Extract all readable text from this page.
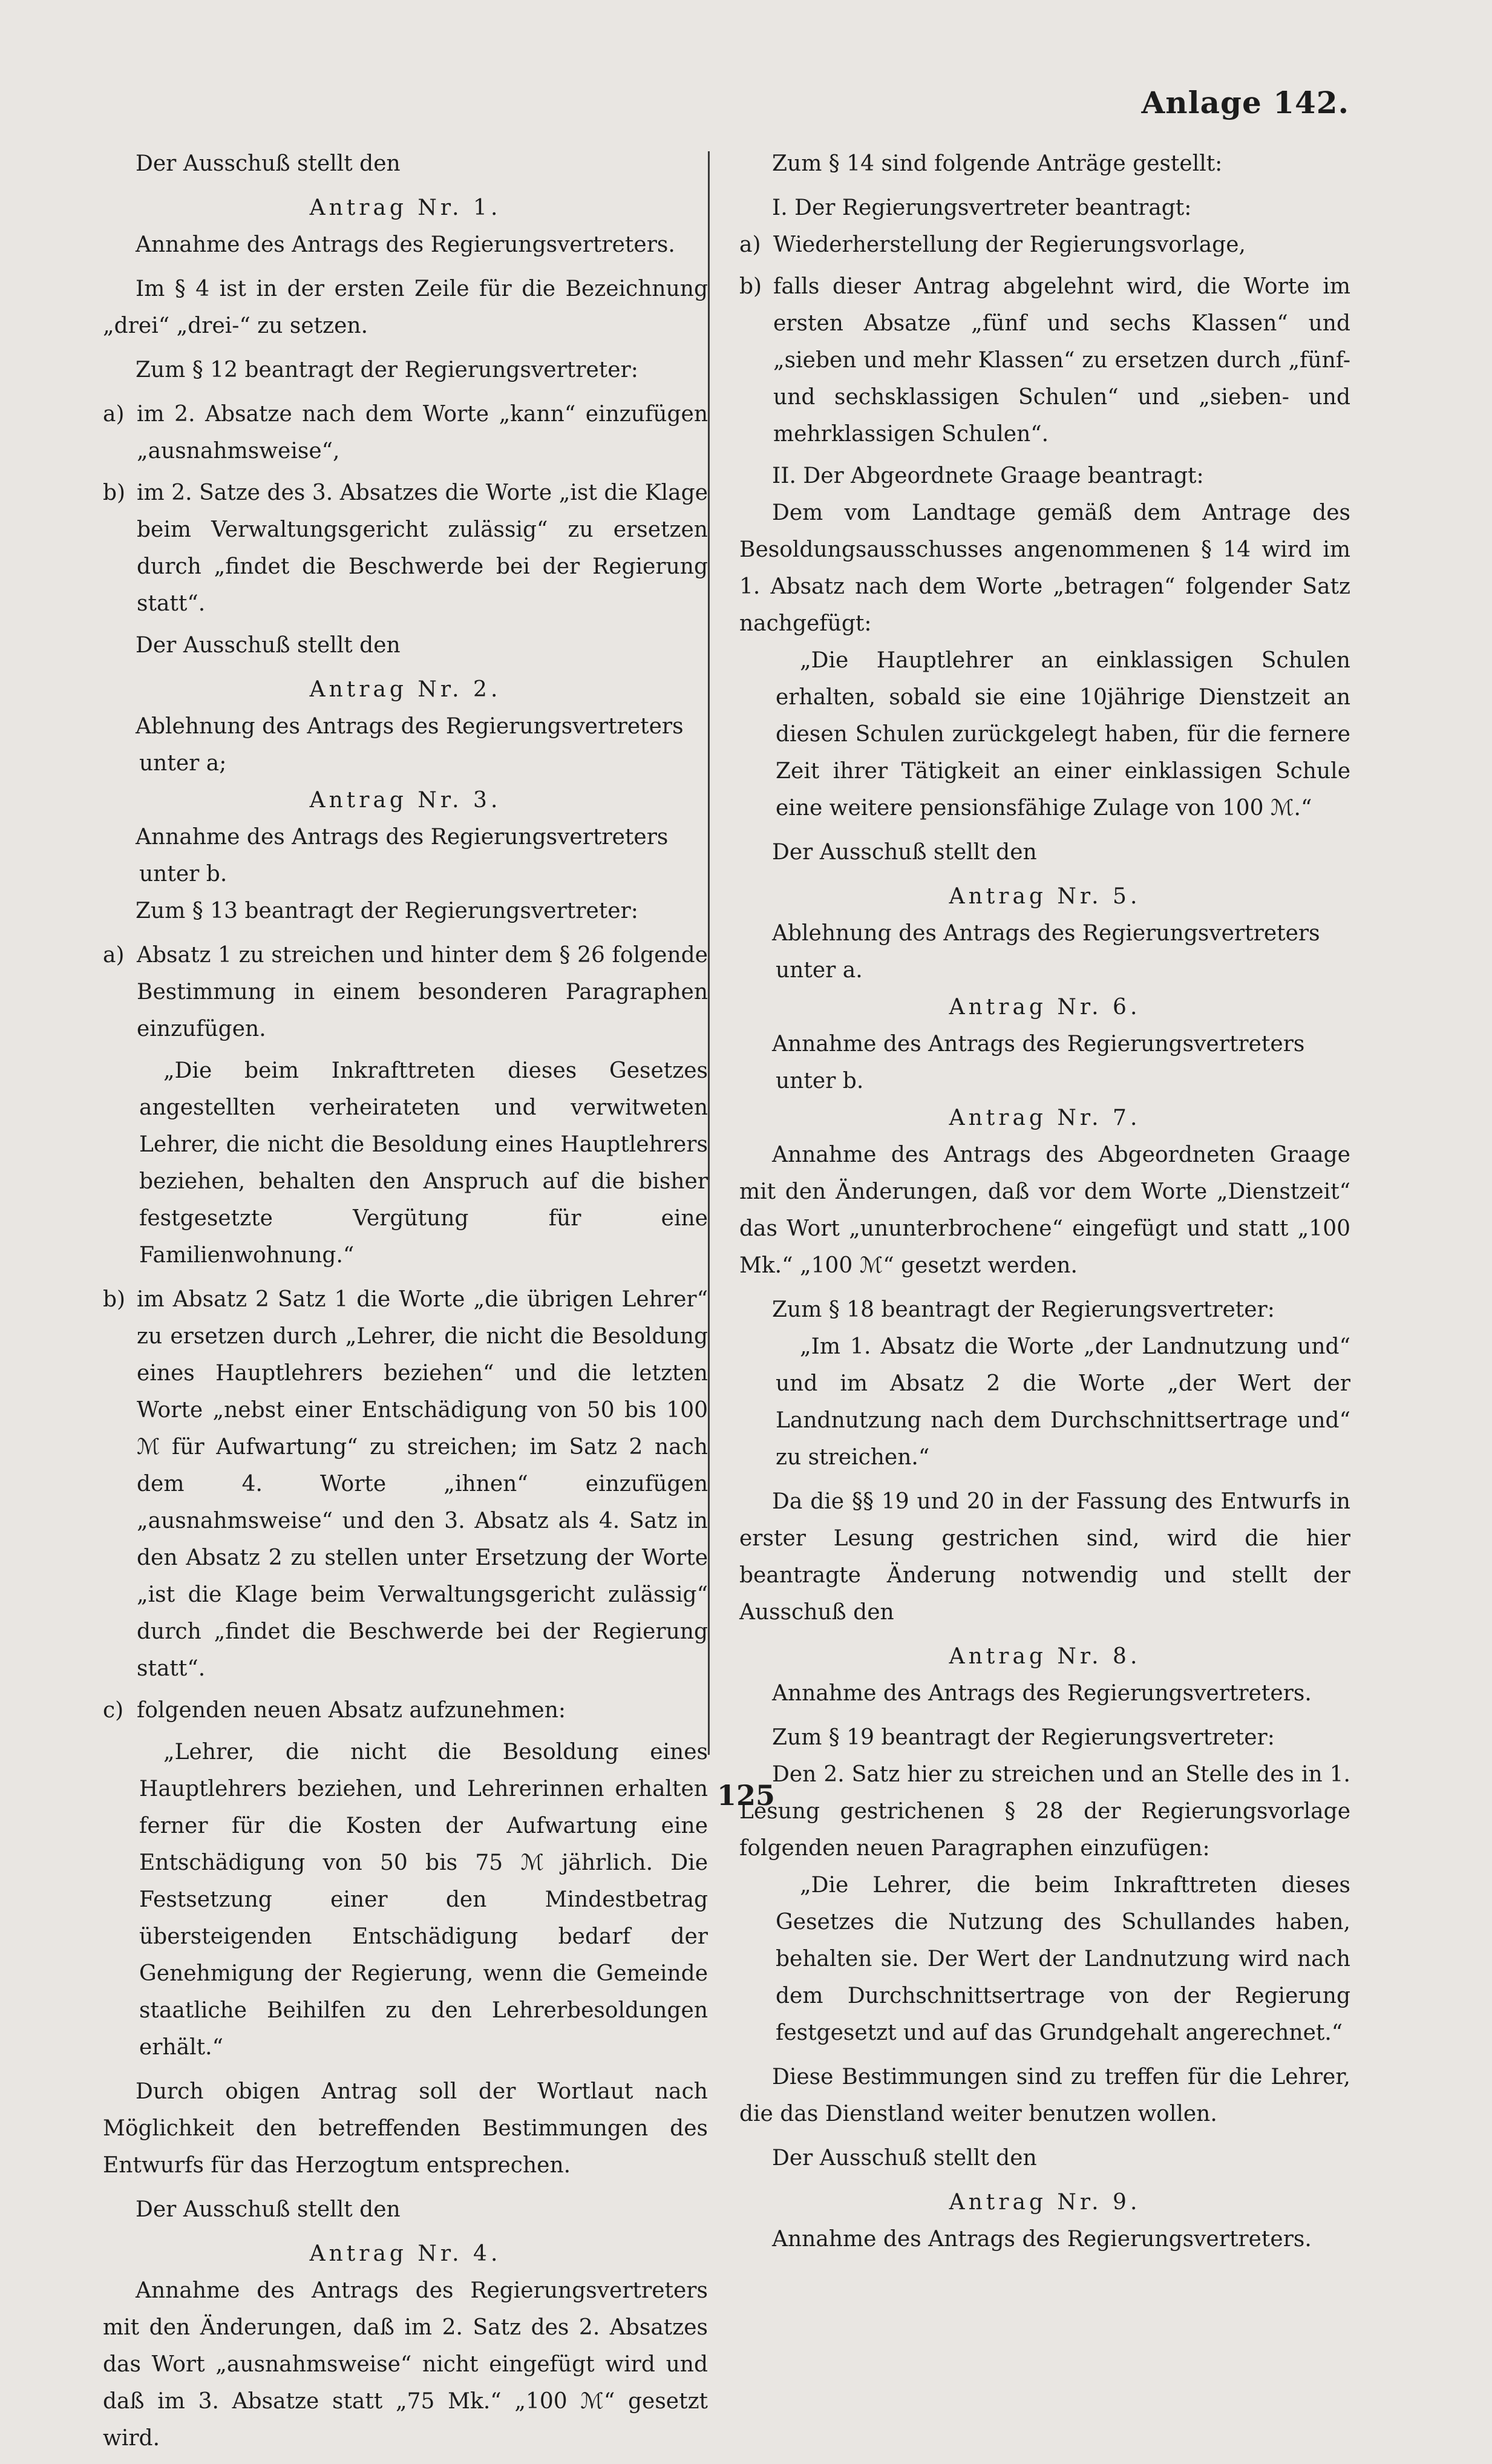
Anlage 142.

Der Ausschuß stellt den

Antrag Nr. 1.

Annahme des Antrags des Regierungsvertreters.

Im § 4 ist in der ersten Zeile für die Bezeichnung „drei“ „drei-“ zu setzen.

Zum § 12 beantragt der Regierungsvertreter:

a) im 2. Absatze nach dem Worte „kann“ einzufügen „ausnahmsweise“,
b) im 2. Satze des 3. Absatzes die Worte „ist die Klage beim Verwaltungsgericht zulässig“ zu ersetzen durch „findet die Beschwerde bei der Regierung statt“.

Der Ausschuß stellt den

Antrag Nr. 2.

Ablehnung des Antrags des Regierungsvertreters

unter a;

Antrag Nr. 3.

Annahme des Antrags des Regierungsvertreters

unter b.

Zum § 13 beantragt der Regierungsvertreter:

a) Absatz 1 zu streichen und hinter dem § 26 folgende Bestimmung in einem besonderen Paragraphen einzufügen.

„Die beim Inkrafttreten dieses Gesetzes angestellten verheirateten und verwitweten Lehrer, die nicht die Besoldung eines Hauptlehrers beziehen, behalten den Anspruch auf die bisher festgesetzte Vergütung für eine Familienwohnung.“

b) im Absatz 2 Satz 1 die Worte „die übrigen Lehrer“ zu ersetzen durch „Lehrer, die nicht die Besoldung eines Hauptlehrers beziehen“ und die letzten Worte „nebst einer Entschädigung von 50 bis 100 ℳ für Aufwartung“ zu streichen; im Satz 2 nach dem 4. Worte „ihnen“ einzufügen „ausnahmsweise“ und den 3. Absatz als 4. Satz in den Absatz 2 zu stellen unter Ersetzung der Worte „ist die Klage beim Verwaltungsgericht zulässig“ durch „findet die Beschwerde bei der Regierung statt“.
c) folgenden neuen Absatz aufzunehmen:

„Lehrer, die nicht die Besoldung eines Hauptlehrers beziehen, und Lehrerinnen erhalten ferner für die Kosten der Aufwartung eine Entschädigung von 50 bis 75 ℳ jährlich. Die Festsetzung einer den Mindestbetrag übersteigenden Entschädigung bedarf der Genehmigung der Regierung, wenn die Gemeinde staatliche Beihilfen zu den Lehrerbesoldungen erhält.“

Durch obigen Antrag soll der Wortlaut nach Möglichkeit den betreffenden Bestimmungen des Entwurfs für das Herzogtum entsprechen.

Der Ausschuß stellt den

Antrag Nr. 4.

Annahme des Antrags des Regierungsvertreters mit den Änderungen, daß im 2. Satz des 2. Absatzes das Wort „ausnahmsweise“ nicht eingefügt wird und daß im 3. Absatze statt „75 Mk.“ „100 ℳ“ gesetzt wird.

Zum § 14 sind folgende Anträge gestellt:

I. Der Regierungsvertreter beantragt:

a) Wiederherstellung der Regierungsvorlage,
b) falls dieser Antrag abgelehnt wird, die Worte im ersten Absatze „fünf und sechs Klassen“ und „sieben und mehr Klassen“ zu ersetzen durch „fünf- und sechsklassigen Schulen“ und „sieben- und mehrklassigen Schulen“.

II. Der Abgeordnete Graage beantragt:

Dem vom Landtage gemäß dem Antrage des Besoldungsausschusses angenommenen § 14 wird im 1. Absatz nach dem Worte „betragen“ folgender Satz nachgefügt:

„Die Hauptlehrer an einklassigen Schulen erhalten, sobald sie eine 10jährige Dienstzeit an diesen Schulen zurückgelegt haben, für die fernere Zeit ihrer Tätigkeit an einer einklassigen Schule eine weitere pensionsfähige Zulage von 100 ℳ.“

Der Ausschuß stellt den

Antrag Nr. 5.

Ablehnung des Antrags des Regierungsvertreters

unter a.

Antrag Nr. 6.

Annahme des Antrags des Regierungsvertreters

unter b.

Antrag Nr. 7.

Annahme des Antrags des Abgeordneten Graage mit den Änderungen, daß vor dem Worte „Dienstzeit“ das Wort „ununterbrochene“ eingefügt und statt „100 Mk.“ „100 ℳ“ gesetzt werden.

Zum § 18 beantragt der Regierungsvertreter:

„Im 1. Absatz die Worte „der Landnutzung und“ und im Absatz 2 die Worte „der Wert der Landnutzung nach dem Durchschnittsertrage und“ zu streichen.“

Da die §§ 19 und 20 in der Fassung des Entwurfs in erster Lesung gestrichen sind, wird die hier beantragte Änderung notwendig und stellt der Ausschuß den

Antrag Nr. 8.

Annahme des Antrags des Regierungsvertreters.

Zum § 19 beantragt der Regierungsvertreter:

Den 2. Satz hier zu streichen und an Stelle des in 1. Lesung gestrichenen § 28 der Regierungsvorlage folgenden neuen Paragraphen einzufügen:

„Die Lehrer, die beim Inkrafttreten dieses Gesetzes die Nutzung des Schullandes haben, behalten sie. Der Wert der Landnutzung wird nach dem Durchschnittsertrage von der Regierung festgesetzt und auf das Grundgehalt angerechnet.“

Diese Bestimmungen sind zu treffen für die Lehrer, die das Dienstland weiter benutzen wollen.

Der Ausschuß stellt den

Antrag Nr. 9.

Annahme des Antrags des Regierungsvertreters.

125
